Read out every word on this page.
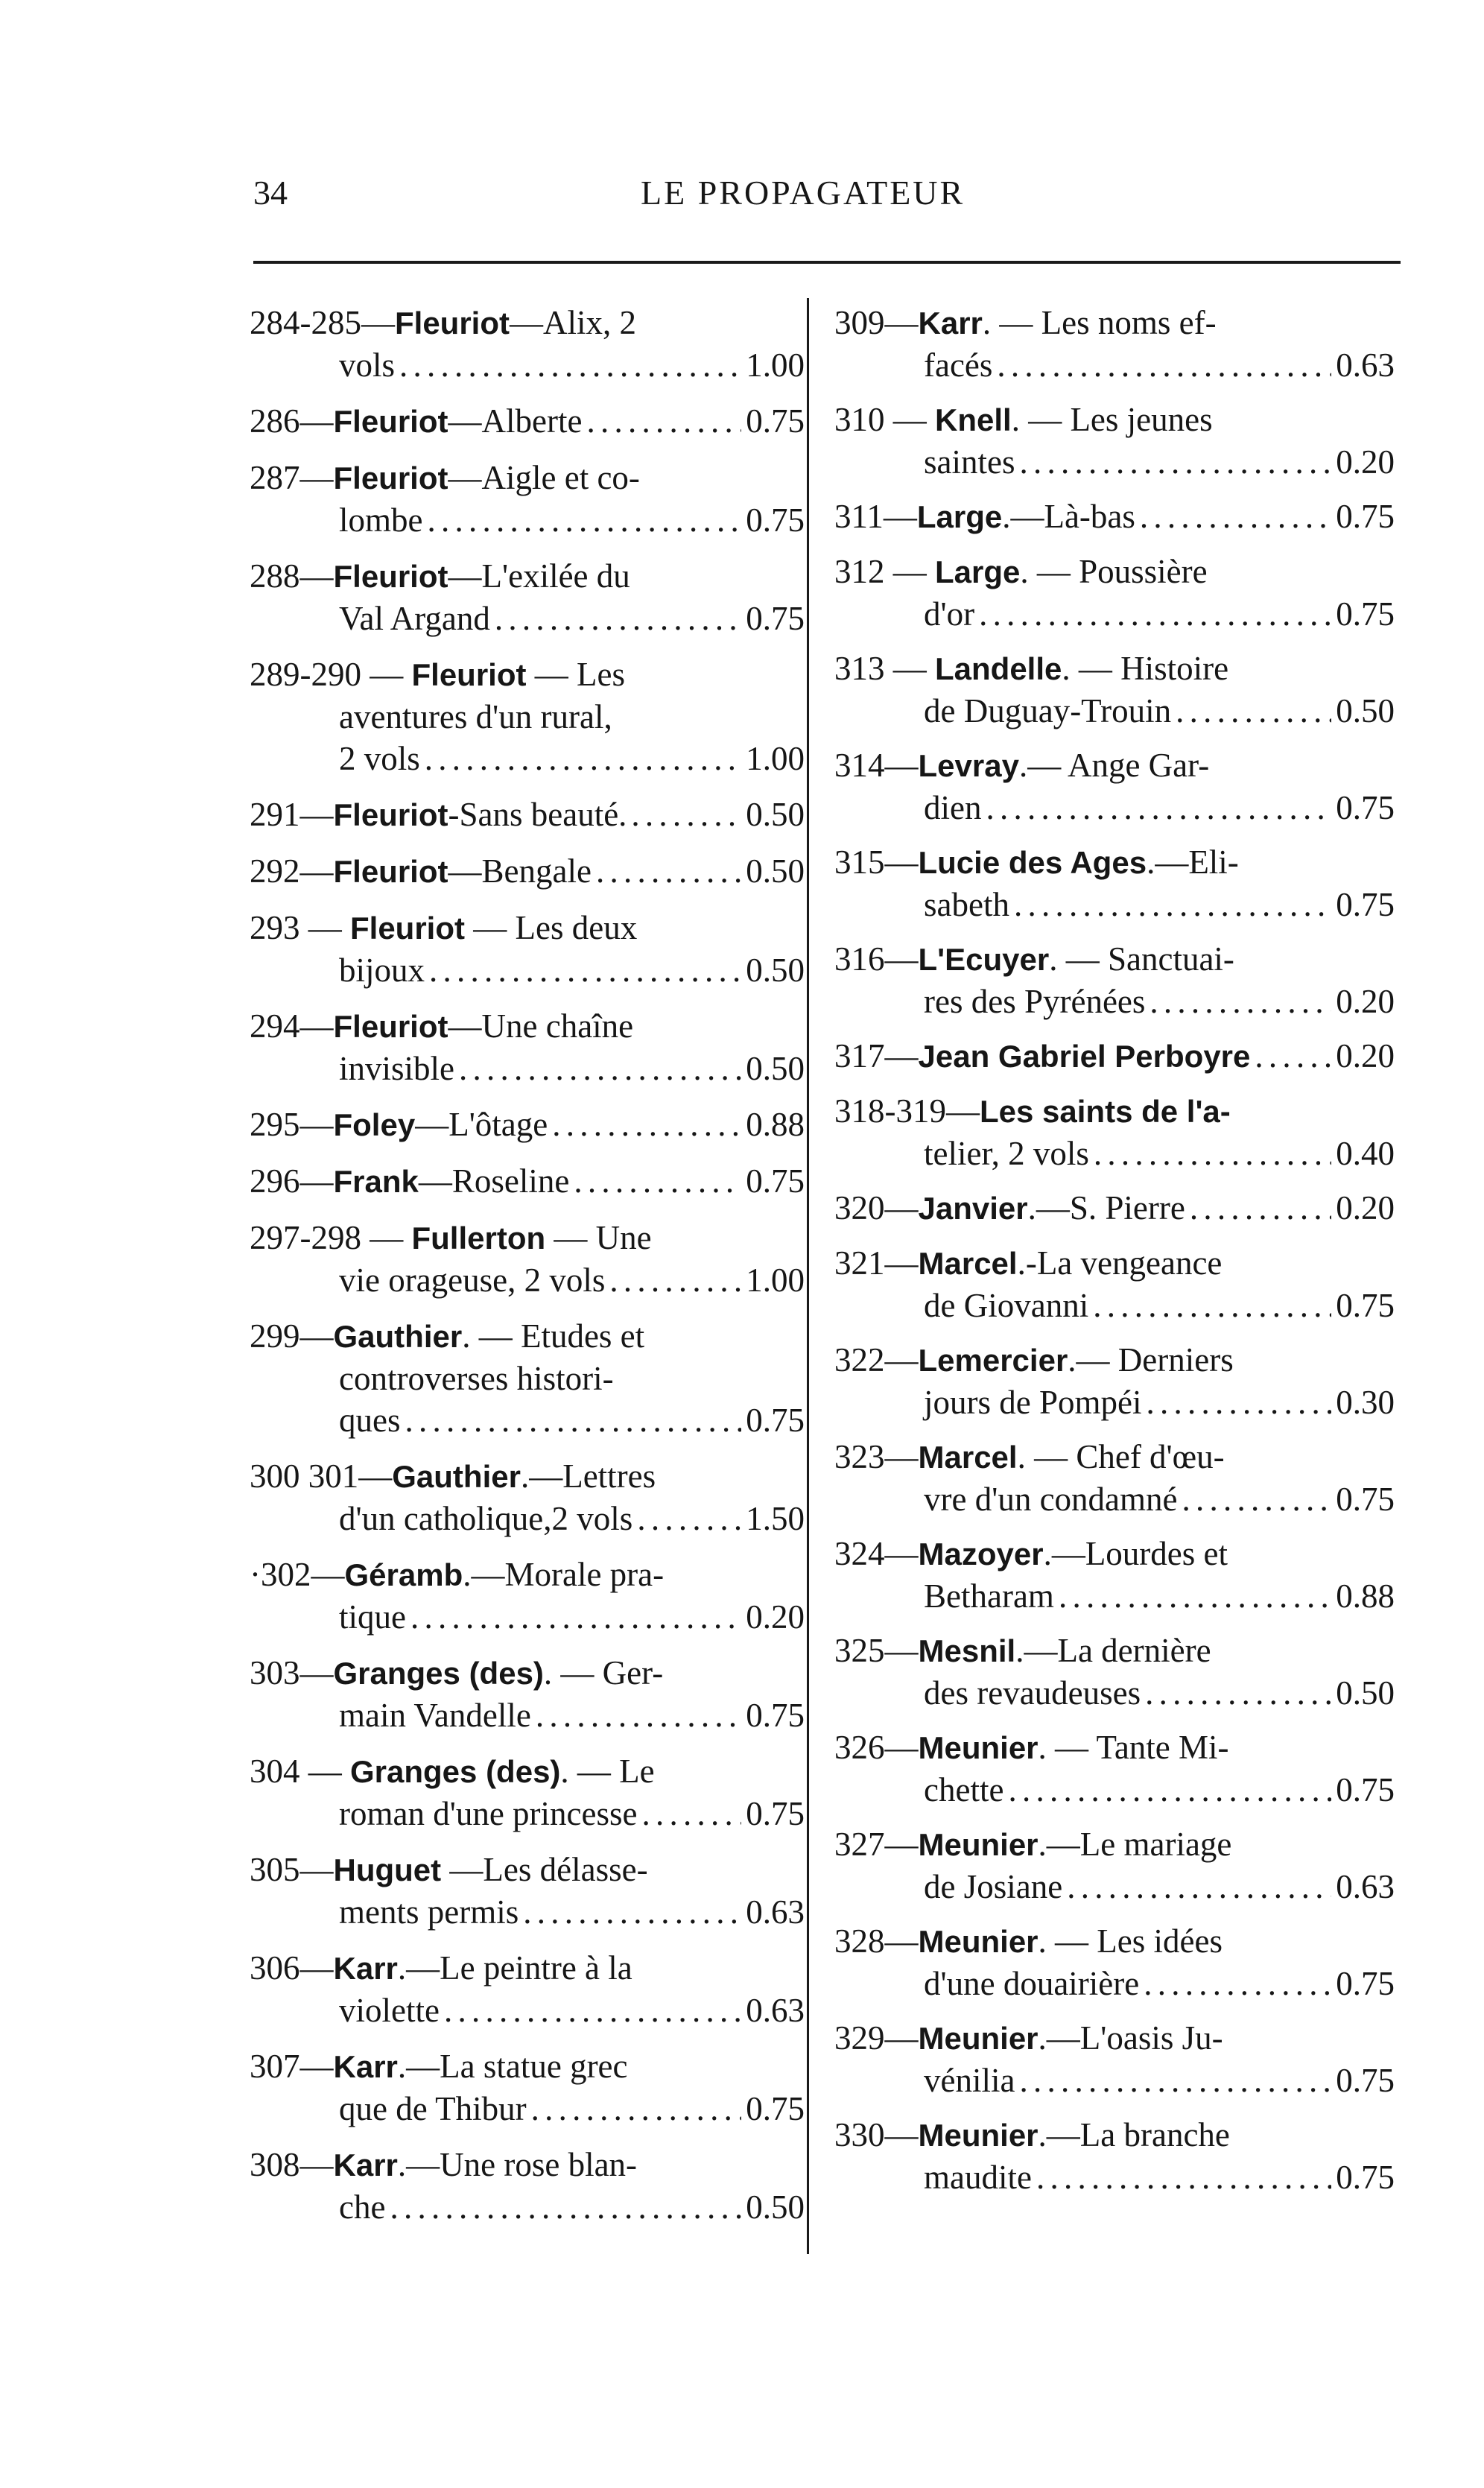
34	LE PROPAGATEUR
284-285—Fleuriot—Alix, 2
vols . . .	1.00
286—Fleuriot—Alberte . . .	0.75
287—Fleuriot—Aigle et co-
lombe . . .	0.75
288—Fleuriot—L'exilée du
Val Argand . . .	0.75
289-290 — Fleuriot — Les
aventures d'un rural,
2 vols . . .	1.00
291—Fleuriot-Sans beauté. . . .	0.50
292—Fleuriot—Bengale . . .	0.50
293 — Fleuriot — Les deux
bijoux . . .	0.50
294—Fleuriot—Une chaîne
invisible . . .	0.50
295—Foley—L'ôtage . . .	0.88
296—Frank—Roseline . . .	0.75
297-298 — Fullerton — Une
vie orageuse, 2 vols . . .	1.00
299—Gauthier. — Etudes et
controverses histori-
ques . . .	0.75
300 301—Gauthier.—Lettres
d'un catholique,2 vols . . .	1.50
·302—Géramb.—Morale pra-
tique . . .	0.20
303—Granges (des). — Ger-
main Vandelle . . .	0.75
304 — Granges (des). — Le
roman d'une princesse . . .	0.75
305—Huguet —Les délasse-
ments permis . . .	0.63
306—Karr.—Le peintre à la
violette . . .	0.63
307—Karr.—La statue grec
que de Thibur . . .	0.75
308—Karr.—Une rose blan-
che . . .	0.50
309—Karr. — Les noms ef-
facés . . .	0.63
310 — Knell. — Les jeunes
saintes . . .	0.20
311—Large.—Là-bas . . .	0.75
312 — Large. — Poussière
d'or . . .	0.75
313 — Landelle. — Histoire
de Duguay-Trouin . . .	0.50
314—Levray.— Ange Gar-
dien . . .	0.75
315—Lucie des Ages.—Eli-
sabeth . . .	0.75
316—L'Ecuyer. — Sanctuai-
res des Pyrénées . . .	0.20
317—Jean Gabriel Perboyre . . .	0.20
318-319—Les saints de l'a-
telier, 2 vols . . .	0.40
320—Janvier.—S. Pierre . . .	0.20
321—Marcel.-La vengeance
de Giovanni . . .	0.75
322—Lemercier.— Derniers
jours de Pompéi . . .	0.30
323—Marcel. — Chef d'œu-
vre d'un condamné . . .	0.75
324—Mazoyer.—Lourdes et
Betharam . . .	0.88
325—Mesnil.—La dernière
des revaudeuses . . .	0.50
326—Meunier. — Tante Mi-
chette . . .	0.75
327—Meunier.—Le mariage
de Josiane . . .	0.63
328—Meunier. — Les idées
d'une douairière . . .	0.75
329—Meunier.—L'oasis Ju-
vénilia . . .	0.75
330—Meunier.—La branche
maudite . . .	0.75
